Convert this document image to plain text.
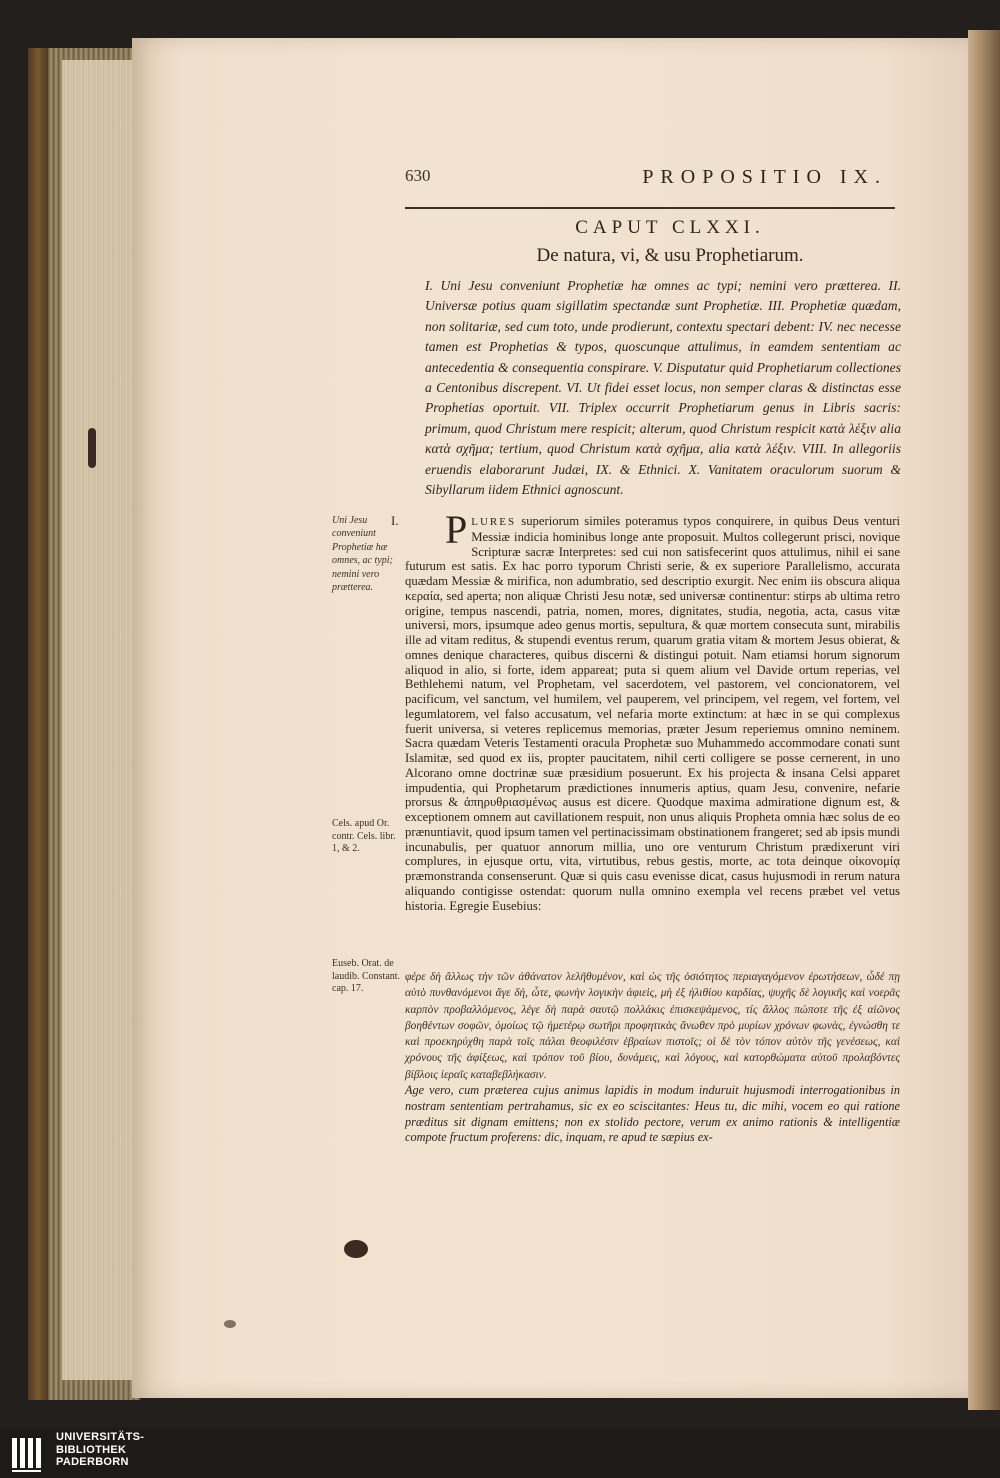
630	PROPOSITIO IX.
CAPUT CLXXI.
De natura, vi, & usu Prophetiarum.
I. Uni Jesu conveniunt Prophetiæ hæ omnes ac typi; nemini vero prætterea. II. Universæ potius quam sigillatim spectandæ sunt Prophetiæ. III. Prophetiæ quædam, non solitariæ, sed cum toto, unde prodierunt, contextu spectari debent: IV. nec necesse tamen est Prophetias & typos, quoscunque attulimus, in eamdem sententiam ac antecedentia & consequentia conspirare. V. Disputatur quid Prophetiarum collectiones a Centonibus discrepent. VI. Ut fidei esset locus, non semper claras & distinctas esse Prophetias oportuit. VII. Triplex occurrit Prophetiarum genus in Libris sacris: primum, quod Christum mere respicit; alterum, quod Christum respicit κατὰ λέξιν alia κατὰ σχῆμα; tertium, quod Christum κατὰ σχῆμα, alia κατὰ λέξιν. VIII. In allegoriis eruendis elaborarunt Judæi, IX. & Ethnici. X. Vanitatem oraculorum suorum & Sibyllarum iidem Ethnici agnoscunt.
Uni Jesu conveniunt Prophetiæ hæ omnes, ac typi; nemini vero prætterea.
Cels. apud Or. contr. Cels. libr. 1, & 2.
Euseb. Orat. de laudib. Constant. cap. 17.
I. PLURES superiorum similes poteramus typos conquirere, in quibus Deus venturi Messiæ indicia hominibus longe ante proposuit. Multos collegerunt prisci, novique Scripturæ sacræ Interpretes: sed cui non satisfecerint quos attulimus, nihil ei sane futurum est satis. Ex hac porro typorum Christi serie, & ex superiore Parallelismo, accurata quædam Messiæ & mirifica, non adumbratio, sed descriptio exurgit. Nec enim iis obscura aliqua κεραία, sed aperta; non aliquæ Christi Jesu notæ, sed universæ continentur: stirps ab ultima retro origine, tempus nascendi, patria, nomen, mores, dignitates, studia, negotia, acta, casus vitæ universi, mors, ipsumque adeo genus mortis, sepultura, & quæ mortem consecuta sunt, mirabilis ille ad vitam reditus, & stupendi eventus rerum, quarum gratia vitam & mortem Jesus obierat, & omnes denique characteres, quibus discerni & distingui potuit. Nam etiamsi horum signorum aliquod in alio, si forte, idem appareat; puta si quem alium vel Davide ortum reperias, vel Bethlehemi natum, vel Prophetam, vel sacerdotem, vel pastorem, vel concionatorem, vel pacificum, vel sanctum, vel humilem, vel pauperem, vel principem, vel regem, vel fortem, vel legumlatorem, vel falso accusatum, vel nefaria morte extinctum: at hæc in se qui complexus fuerit universa, si veteres replicemus memorias, præter Jesum reperiemus omnino neminem. Sacra quædam Veteris Testamenti oracula Prophetæ suo Muhammedo accommodare conati sunt Islamitæ, sed quod ex iis, propter paucitatem, nihil certi colligere se posse cernerent, in uno Alcorano omne doctrinæ suæ præsidium posuerunt. Ex his projecta & insana Celsi apparet impudentia, qui Prophetarum prædictiones innumeris aptius, quam Jesu, convenire, nefarie prorsus & ἀπηρυθριασμένως ausus est dicere. Quodque maxima admiratione dignum est, & exceptionem omnem aut cavillationem respuit, non unus aliquis Propheta omnia hæc solus de eo prænuntiavit, quod ipsum tamen vel pertinacissimam obstinationem frangeret; sed ab ipsis mundi incunabulis, per quatuor annorum millia, uno ore venturum Christum prædixerunt viri complures, in ejusque ortu, vita, virtutibus, rebus gestis, morte, ac tota deinque οἰκονομίᾳ præmonstranda consenserunt. Quæ si quis casu evenisse dicat, casus hujusmodi in rerum natura aliquando contigisse ostendat: quorum nulla omnino exempla vel recens præbet vel vetus historia. Egregie Eusebius:
φέρε δὴ ἄλλως τὴν τῶν ἀθάνατον λελῆθυμένον, καὶ ὡς τῆς ὁσιότητος περιαγαγόμενον ἐρωτήσεων, ὧδέ πῃ αὐτὸ πυνθανόμενοι ἄγε δὴ, ὦτε, φωνὴν λογικὴν ἀφιεὶς, μὴ ἐξ ἠλιθίου καρδίας, ψυχῆς δὲ λογικῆς καὶ νοερᾶς καρπὸν προβαλλόμενος, λέγε δὴ παρὰ σαυτῷ πολλάκις ἐπισκεψάμενος, τίς ἄλλος πώποτε τῆς ἐξ αἰῶνος βοηθέντων σοφῶν, ὁμοίως τῷ ἡμετέρῳ σωτῆρι προφητικὰς ἄνωθεν πρὸ μυρίων χρόνων φωνὰς, ἐγνώσθη τε καὶ προεκηρύχθη παρὰ τοῖς πάλαι θεοφιλέσιν ἑβραίων πιστοῖς; οἱ δὲ τὸν τόπον αὐτὸν τῆς γενέσεως, καὶ χρόνους τῆς ἀφίξεως, καὶ τρόπον τοῦ βίου, δυνάμεις, καὶ λόγους, καὶ κατορθώματα αὐτοῦ προλαβόντες βίβλοις ἱεραῖς καταβεβλήκασιν.
Age vero, cum præterea cujus animus lapidis in modum induruit hujusmodi interrogationibus in nostram sententiam pertrahamus, sic ex eo sciscitantes: Heus tu, dic mihi, vocem eo qui ratione præditus sit dignam emittens; non ex stolido pectore, verum ex animo rationis & intelligentiæ compote fructum proferens: dic, inquam, re apud te sæpius ex-
UNIVERSITÄTS-
BIBLIOTHEK
PADERBORN
